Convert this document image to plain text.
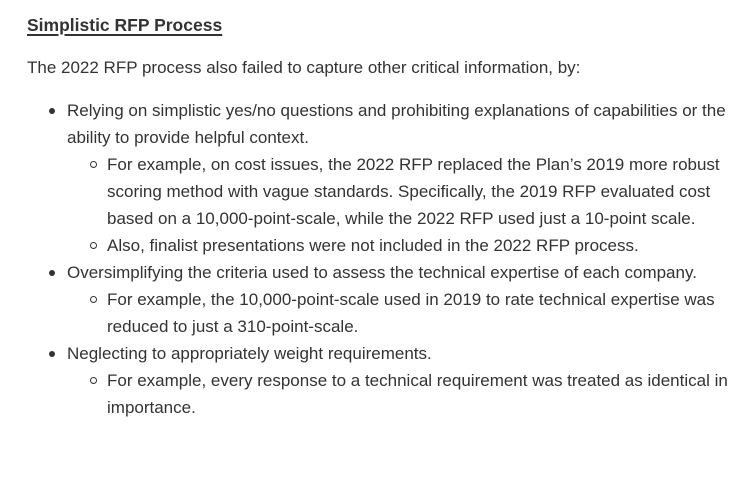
Simplistic RFP Process

The 2022 RFP process also failed to capture other critical information, by:

Relying on simplistic yes/no questions and prohibiting explanations of capabilities or the ability to provide helpful context.
For example, on cost issues, the 2022 RFP replaced the Plan’s 2019 more robust scoring method with vague standards. Specifically, the 2019 RFP evaluated cost based on a 10,000-point-scale, while the 2022 RFP used just a 10-point scale.
Also, finalist presentations were not included in the 2022 RFP process.
Oversimplifying the criteria used to assess the technical expertise of each company.
For example, the 10,000-point-scale used in 2019 to rate technical expertise was reduced to just a 310-point-scale.
Neglecting to appropriately weight requirements.
For example, every response to a technical requirement was treated as identical in importance.
